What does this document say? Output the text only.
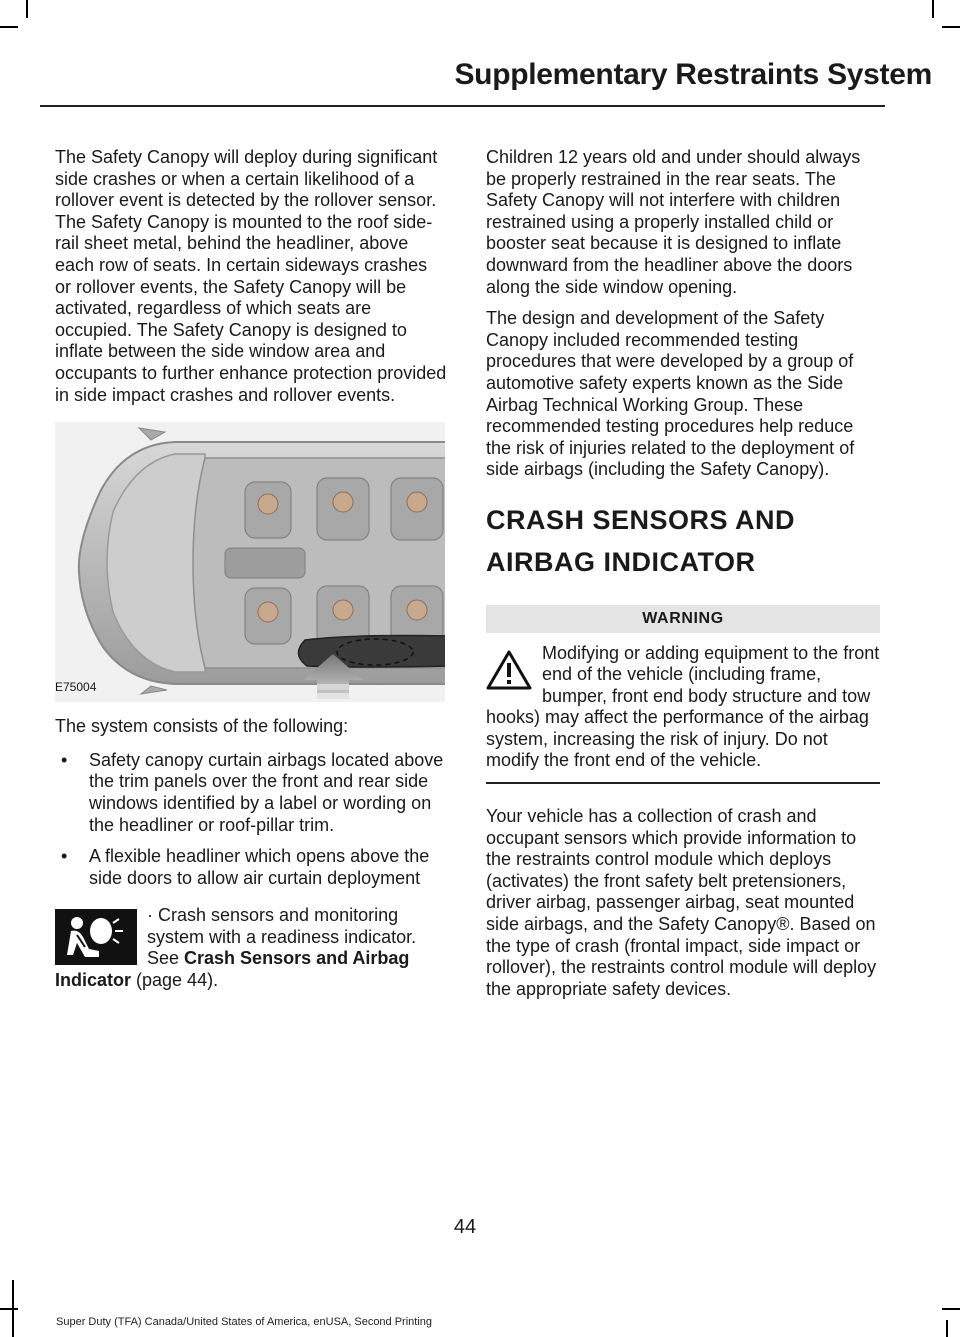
Supplementary Restraints System

The Safety Canopy will deploy during significant side crashes or when a certain likelihood of a rollover event is detected by the rollover sensor. The Safety Canopy is mounted to the roof side-rail sheet metal, behind the headliner, above each row of seats. In certain sideways crashes or rollover events, the Safety Canopy will be activated, regardless of which seats are occupied. The Safety Canopy is designed to inflate between the side window area and occupants to further enhance protection provided in side impact crashes and rollover events.

E75004

The system consists of the following:

• Safety canopy curtain airbags located above the trim panels over the front and rear side windows identified by a label or wording on the headliner or roof-pillar trim.
• A flexible headliner which opens above the side doors to allow air curtain deployment
· Crash sensors and monitoring system with a readiness indicator. See Crash Sensors and Airbag Indicator (page 44).

Children 12 years old and under should always be properly restrained in the rear seats. The Safety Canopy will not interfere with children restrained using a properly installed child or booster seat because it is designed to inflate downward from the headliner above the doors along the side window opening.

The design and development of the Safety Canopy included recommended testing procedures that were developed by a group of automotive safety experts known as the Side Airbag Technical Working Group. These recommended testing procedures help reduce the risk of injuries related to the deployment of side airbags (including the Safety Canopy).

CRASH SENSORS AND
AIRBAG INDICATOR
WARNING
Modifying or adding equipment to the front end of the vehicle (including frame, bumper, front end body structure and tow hooks) may affect the performance of the airbag system, increasing the risk of injury. Do not modify the front end of the vehicle.

Your vehicle has a collection of crash and occupant sensors which provide information to the restraints control module which deploys (activates) the front safety belt pretensioners, driver airbag, passenger airbag, seat mounted side airbags, and the Safety Canopy®. Based on the type of crash (frontal impact, side impact or rollover), the restraints control module will deploy the appropriate safety devices.

44
Super Duty (TFA) Canada/United States of America, enUSA, Second Printing
